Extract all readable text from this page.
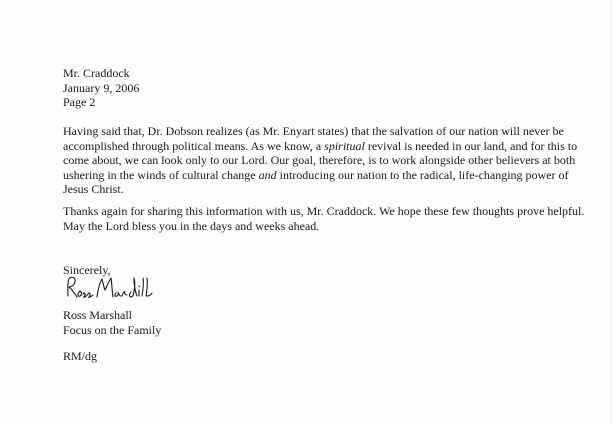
Mr. Craddock
January 9, 2006
Page 2

Having said that, Dr. Dobson realizes (as Mr. Enyart states) that the salvation of our nation will never be accomplished through political means. As we know, a spiritual revival is needed in our land, and for this to come about, we can look only to our Lord. Our goal, therefore, is to work alongside other believers at both ushering in the winds of cultural change and introducing our nation to the radical, life-changing power of Jesus Christ.

Thanks again for sharing this information with us, Mr. Craddock. We hope these few thoughts prove helpful. May the Lord bless you in the days and weeks ahead.

Sincerely,
Ross Marshall
Focus on the Family
RM/dg
